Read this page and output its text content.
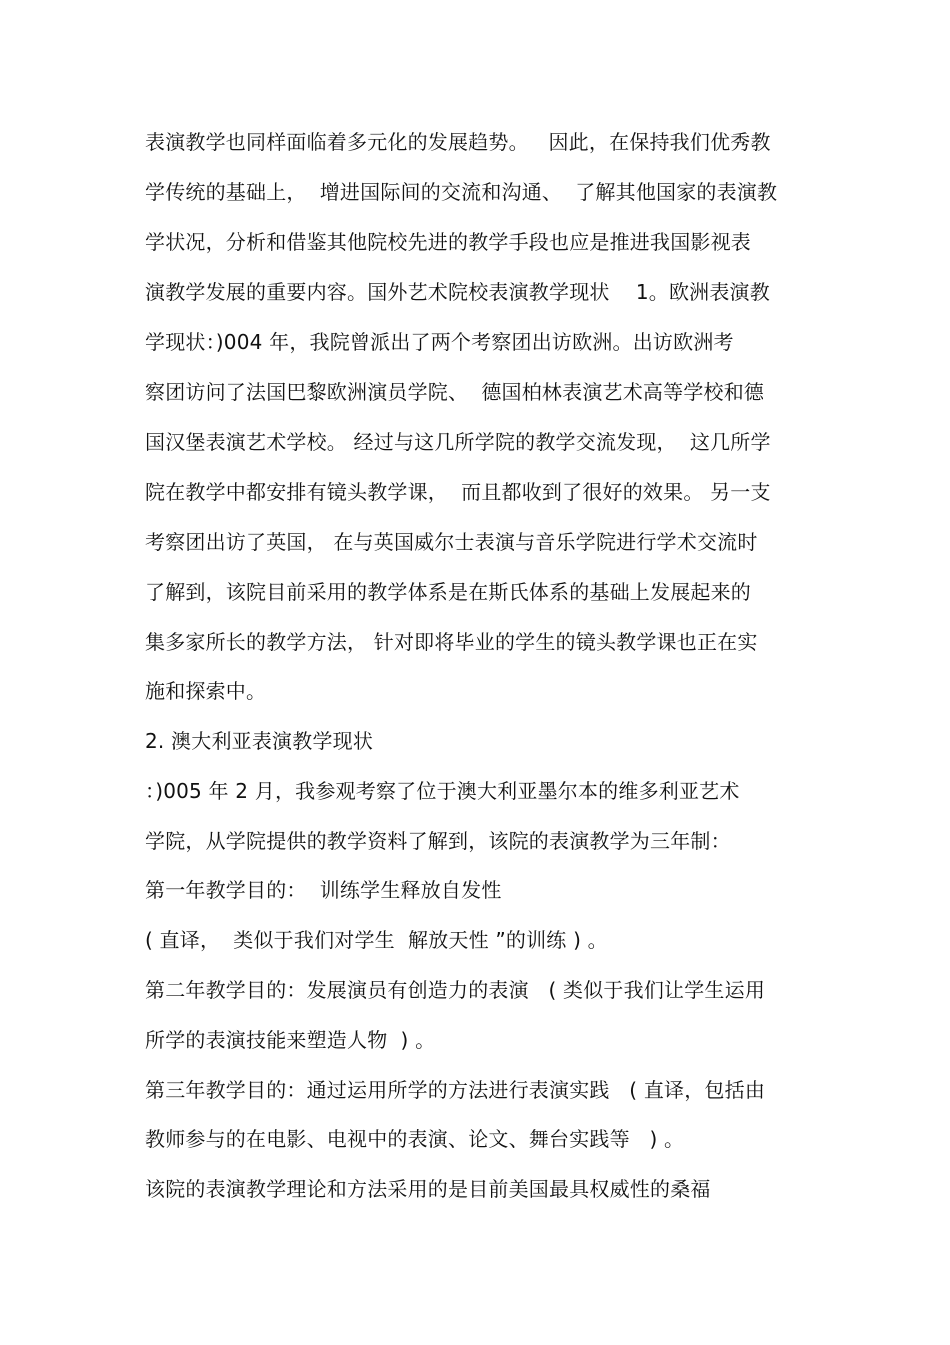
表演教学也同样面临着多元化的发展趋势。   因此，在保持我们优秀教
学传统的基础上，  增进国际间的交流和沟通、  了解其他国家的表演教
学状况，分析和借鉴其他院校先进的教学手段也应是推进我国影视表
演教学发展的重要内容。国外艺术院校表演教学现状    1。欧洲表演教
学现状：)004 年，我院曾派出了两个考察团出访欧洲。出访欧洲考
察团访问了法国巴黎欧洲演员学院、  德国柏林表演艺术高等学校和德
国汉堡表演艺术学校。 经过与这几所学院的教学交流发现，  这几所学
院在教学中都安排有镜头教学课，  而且都收到了很好的效果。 另一支
考察团出访了英国， 在与英国威尔士表演与音乐学院进行学术交流时
了解到，该院目前采用的教学体系是在斯氏体系的基础上发展起来的
集多家所长的教学方法， 针对即将毕业的学生的镜头教学课也正在实
施和探索中。
2. 澳大利亚表演教学现状
：)005 年 2 月，我参观考察了位于澳大利亚墨尔本的维多利亚艺术
学院，从学院提供的教学资料了解到，该院的表演教学为三年制：
第一年教学目的：  训练学生释放自发性
( 直译，  类似于我们对学生  解放天性 ”的训练 ) 。
第二年教学目的：发展演员有创造力的表演   ( 类似于我们让学生运用
所学的表演技能来塑造人物  ) 。
第三年教学目的：通过运用所学的方法进行表演实践   ( 直译，包括由
教师参与的在电影、电视中的表演、论文、舞台实践等   ) 。
该院的表演教学理论和方法采用的是目前美国最具权威性的桑福
